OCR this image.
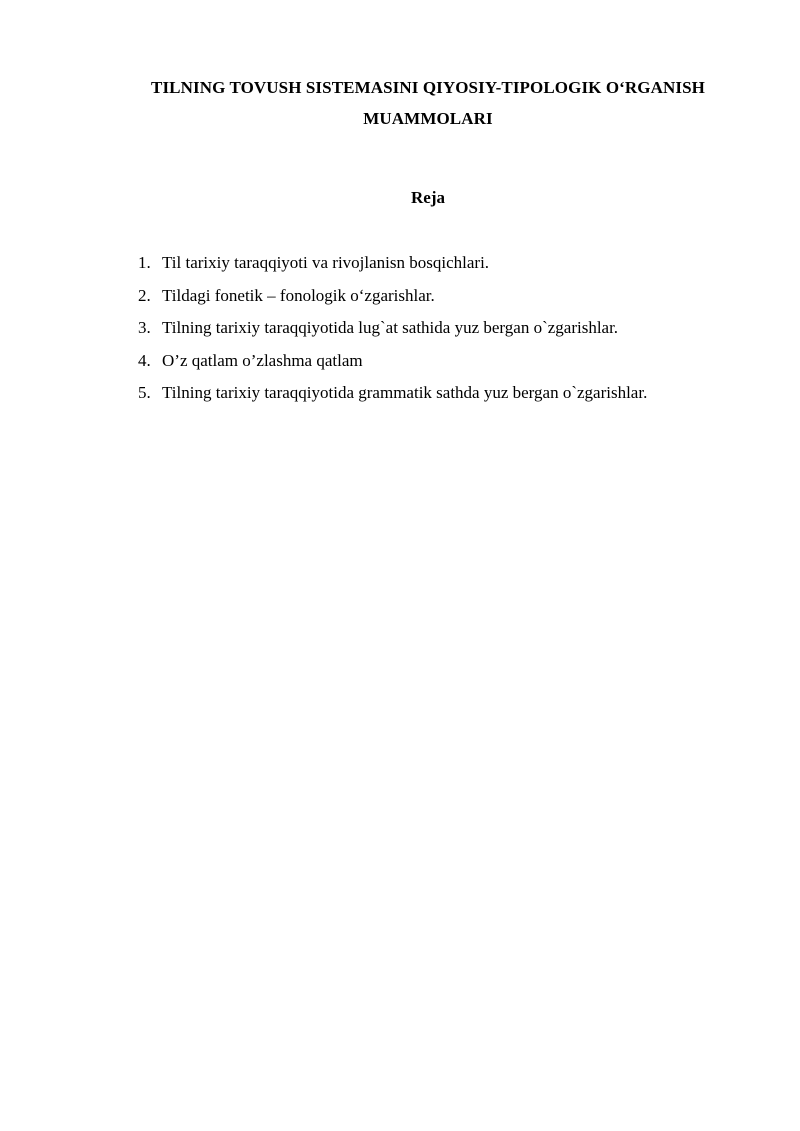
TILNING TOVUSH SISTEMASINI QIYOSIY-TIPOLOGIK O‘RGANISH
MUAMMOLARI
Reja
1. Til tarixiy taraqqiyoti va rivojlanisn bosqichlari.
2. Tildagi fonetik – fonologik o‘zgarishlar.
3. Tilning tarixiy taraqqiyotida lug`at sathida yuz bergan o`zgarishlar.
4. O’z qatlam o’zlashma qatlam
5. Tilning tarixiy taraqqiyotida grammatik sathda yuz bergan o`zgarishlar.
